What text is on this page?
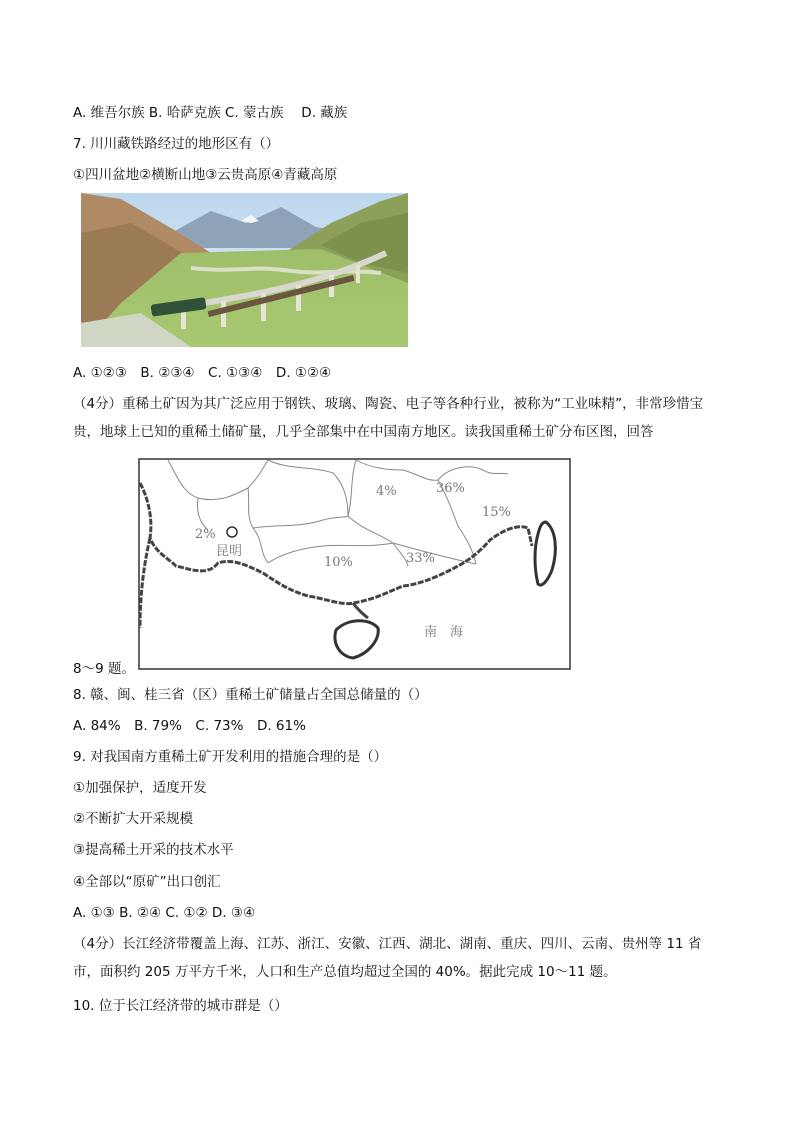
A. 维吾尔族 B. 哈萨克族 C. 蒙古族　 D. 藏族
7. 川川藏铁路经过的地形区有（）
①四川盆地②横断山地③云贵高原④青藏高原
A. ①②③　B. ②③④　C. ①③④　D. ①②④
（4分）重稀土矿因为其广泛应用于钢铁、玻璃、陶瓷、电子等各种行业，被称为“工业味精”，非常珍惜宝贵，地球上已知的重稀土储矿量，几乎全部集中在中国南方地区。读我国重稀土矿分布区图，回答
2%
昆明
10%
4%	36%
15%
33%
南　海
8～9 题。
8. 赣、闽、桂三省（区）重稀土矿储量占全国总储量的（）
A. 84%　B. 79%　C. 73%　D. 61%
9. 对我国南方重稀土矿开发利用的措施合理的是（）
①加强保护，适度开发
②不断扩大开采规模
③提高稀土开采的技术水平
④全部以“原矿”出口创汇
A. ①③ B. ②④ C. ①② D. ③④
（4分）长江经济带覆盖上海、江苏、浙江、安徽、江西、湖北、湖南、重庆、四川、云南、贵州等 11 省市，面积约 205 万平方千米，人口和生产总值均超过全国的 40%。据此完成 10～11 题。
10. 位于长江经济带的城市群是（）
